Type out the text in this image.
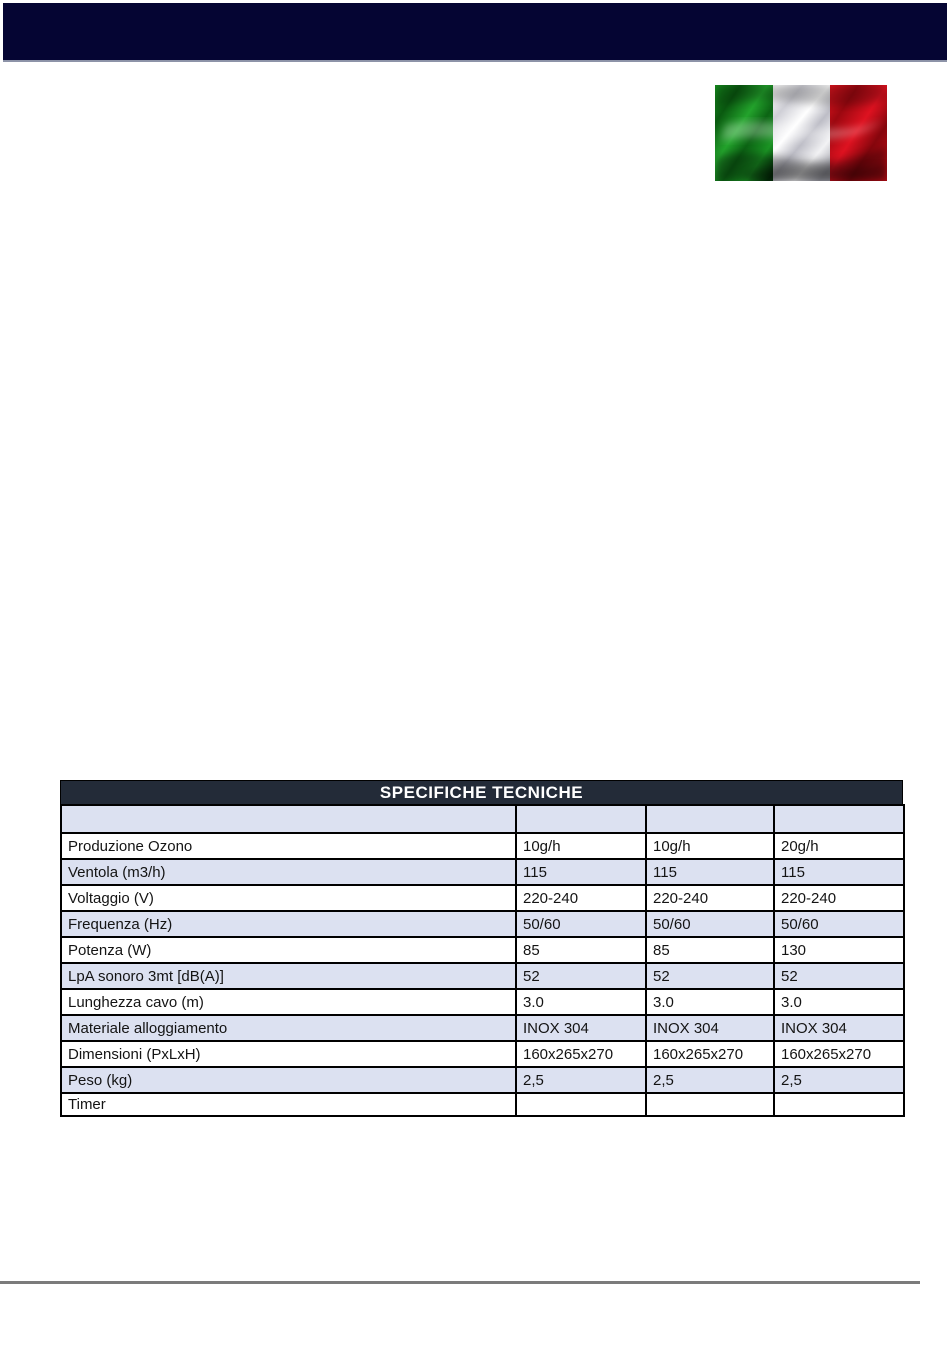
SPECIFICHE TECNICHE

Produzione Ozono	10g/h	10g/h	20g/h
Ventola (m3/h)	115	115	115
Voltaggio (V)	220-240	220-240	220-240
Frequenza (Hz)	50/60	50/60	50/60
Potenza (W)	85	85	130
LpA sonoro 3mt [dB(A)]	52	52	52
Lunghezza cavo (m)	3.0	3.0	3.0
Materiale alloggiamento	INOX 304	INOX 304	INOX 304
Dimensioni (PxLxH)	160x265x270	160x265x270	160x265x270
Peso (kg)	2,5	2,5	2,5
Timer			
